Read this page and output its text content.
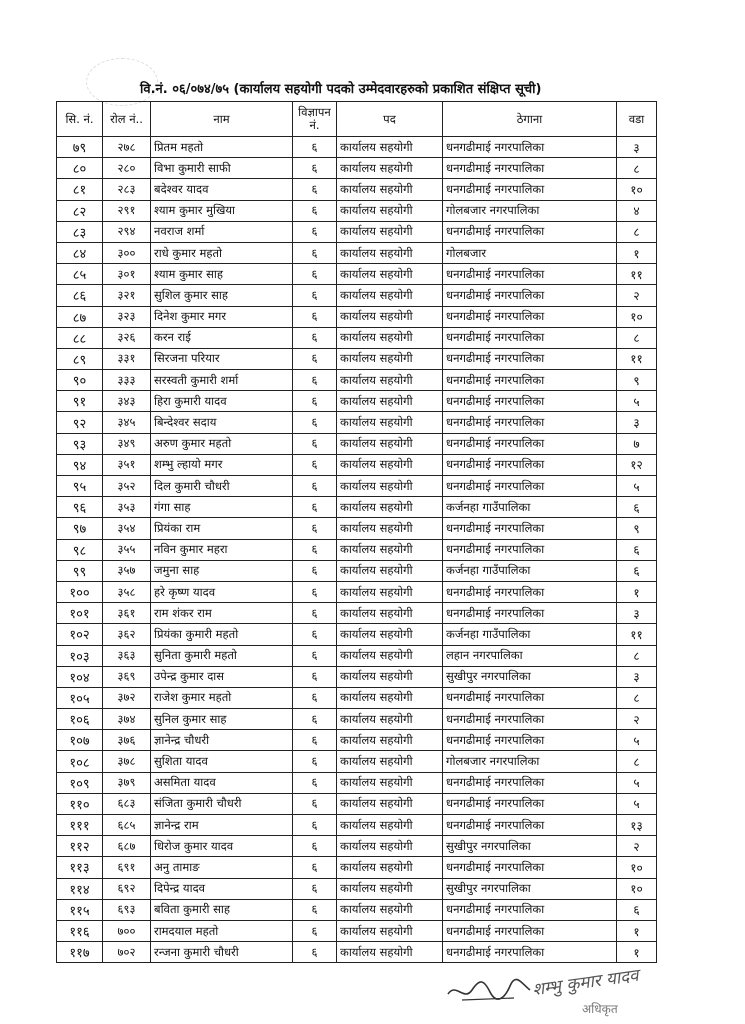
वि.नं. ०६/०७४/७५ (कार्यालय सहयोगी पदको उम्मेदवारहरुको प्रकाशित संक्षिप्त सूची)
सि. नं.	रोल नं..	नाम	विज्ञापन नं.	पद	ठेगाना	वडा
७९	२७८	प्रितम महतो	६	कार्यालय सहयोगी	धनगढीमाई नगरपालिका	३
८०	२८०	विभा कुमारी साफी	६	कार्यालय सहयोगी	धनगढीमाई नगरपालिका	८
८१	२८३	बदेश्वर यादव	६	कार्यालय सहयोगी	धनगढीमाई नगरपालिका	१०
८२	२९१	श्याम कुमार मुखिया	६	कार्यालय सहयोगी	गोलबजार नगरपालिका	४
८३	२९४	नवराज शर्मा	६	कार्यालय सहयोगी	धनगढीमाई नगरपालिका	८
८४	३००	राधे कुमार महतो	६	कार्यालय सहयोगी	गोलबजार	१
८५	३०१	श्याम कुमार साह	६	कार्यालय सहयोगी	धनगढीमाई नगरपालिका	११
८६	३२१	सुशिल कुमार साह	६	कार्यालय सहयोगी	धनगढीमाई नगरपालिका	२
८७	३२३	दिनेश कुमार मगर	६	कार्यालय सहयोगी	धनगढीमाई नगरपालिका	१०
८८	३२६	करन राई	६	कार्यालय सहयोगी	धनगढीमाई नगरपालिका	८
८९	३३१	सिरजना परियार	६	कार्यालय सहयोगी	धनगढीमाई नगरपालिका	११
९०	३३३	सरस्वती कुमारी शर्मा	६	कार्यालय सहयोगी	धनगढीमाई नगरपालिका	९
९१	३४३	हिरा कुमारी यादव	६	कार्यालय सहयोगी	धनगढीमाई नगरपालिका	५
९२	३४५	बिन्देश्वर सदाय	६	कार्यालय सहयोगी	धनगढीमाई नगरपालिका	३
९३	३४९	अरुण कुमार महतो	६	कार्यालय सहयोगी	धनगढीमाई नगरपालिका	७
९४	३५१	शम्भु ल्हायो मगर	६	कार्यालय सहयोगी	धनगढीमाई नगरपालिका	१२
९५	३५२	दिल कुमारी चौधरी	६	कार्यालय सहयोगी	धनगढीमाई नगरपालिका	५
९६	३५३	गंगा साह	६	कार्यालय सहयोगी	कर्जनहा गाउँपालिका	६
९७	३५४	प्रियंका राम	६	कार्यालय सहयोगी	धनगढीमाई नगरपालिका	९
९८	३५५	नविन कुमार महरा	६	कार्यालय सहयोगी	धनगढीमाई नगरपालिका	६
९९	३५७	जमुना साह	६	कार्यालय सहयोगी	कर्जनहा गाउँपालिका	६
१००	३५८	हरे कृष्ण यादव	६	कार्यालय सहयोगी	धनगढीमाई नगरपालिका	१
१०१	३६१	राम शंकर राम	६	कार्यालय सहयोगी	धनगढीमाई नगरपालिका	३
१०२	३६२	प्रियंका कुमारी महतो	६	कार्यालय सहयोगी	कर्जनहा गाउँपालिका	११
१०३	३६३	सुनिता कुमारी महतो	६	कार्यालय सहयोगी	लहान नगरपालिका	८
१०४	३६९	उपेन्द्र कुमार दास	६	कार्यालय सहयोगी	सुखीपुर नगरपालिका	३
१०५	३७२	राजेश कुमार महतो	६	कार्यालय सहयोगी	धनगढीमाई नगरपालिका	८
१०६	३७४	सुनिल कुमार साह	६	कार्यालय सहयोगी	धनगढीमाई नगरपालिका	२
१०७	३७६	ज्ञानेन्द्र चौधरी	६	कार्यालय सहयोगी	धनगढीमाई नगरपालिका	५
१०८	३७८	सुशिता यादव	६	कार्यालय सहयोगी	गोलबजार नगरपालिका	८
१०९	३७९	असमिता यादव	६	कार्यालय सहयोगी	धनगढीमाई नगरपालिका	५
११०	६८३	संजिता कुमारी चौधरी	६	कार्यालय सहयोगी	धनगढीमाई नगरपालिका	५
१११	६८५	ज्ञानेन्द्र राम	६	कार्यालय सहयोगी	धनगढीमाई नगरपालिका	१३
११२	६८७	धिरोज कुमार यादव	६	कार्यालय सहयोगी	सुखीपुर नगरपालिका	२
११३	६९१	अनु तामाङ	६	कार्यालय सहयोगी	धनगढीमाई नगरपालिका	१०
११४	६९२	दिपेन्द्र यादव	६	कार्यालय सहयोगी	सुखीपुर नगरपालिका	१०
११५	६९३	बविता कुमारी साह	६	कार्यालय सहयोगी	धनगढीमाई नगरपालिका	६
११६	७००	रामदयाल महतो	६	कार्यालय सहयोगी	धनगढीमाई नगरपालिका	१
११७	७०२	रन्जना कुमारी चौधरी	६	कार्यालय सहयोगी	धनगढीमाई नगरपालिका	१
शम्भु कुमार यादव
अधिकृत
